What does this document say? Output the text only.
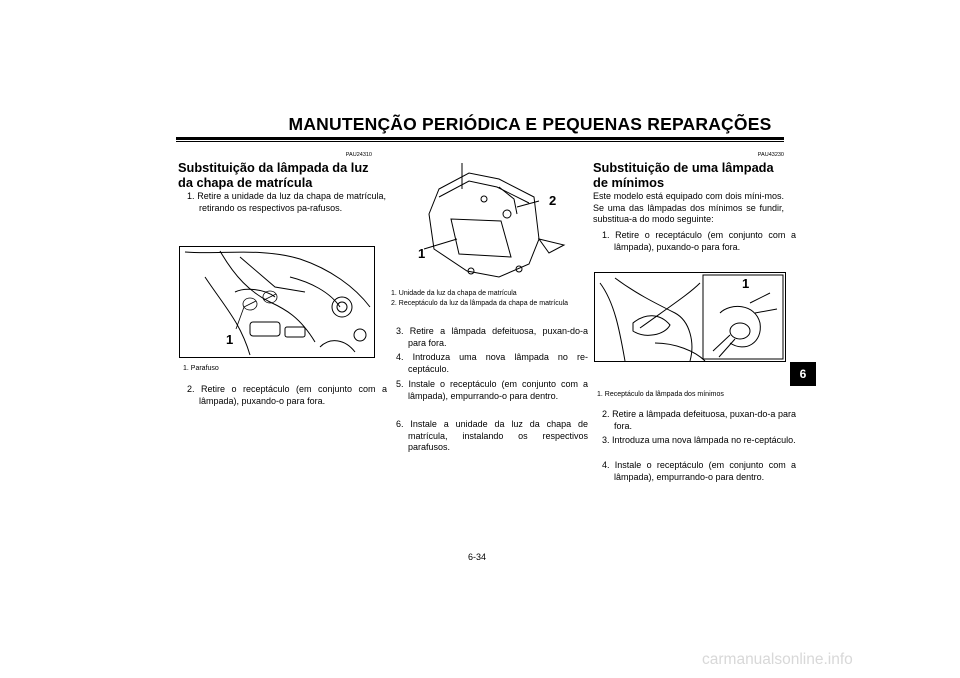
MANUTENÇÃO PERIÓDICA E PEQUENAS REPARAÇÕES
PAU24310
Substituição da lâmpada da luz da chapa de matrícula
1. Retire a unidade da luz da chapa de matrícula, retirando os respectivos pa-rafusos.
1
1. Parafuso
2. Retire o receptáculo (em conjunto com a lâmpada), puxando-o para fora.
2
1
1. Unidade da luz da chapa de matrícula
2. Receptáculo da luz da lâmpada da chapa de matrícula
3. Retire a lâmpada defeituosa, puxan-do-a para fora.
4. Introduza uma nova lâmpada no re-ceptáculo.
5. Instale o receptáculo (em conjunto com a lâmpada), empurrando-o para dentro.
6. Instale a unidade da luz da chapa de matrícula, instalando os respectivos parafusos.
PAU43230
Substituição de uma lâmpada de mínimos
Este modelo está equipado com dois míni-mos. Se uma das lâmpadas dos mínimos se fundir, substitua-a do modo seguinte:
1. Retire o receptáculo (em conjunto com a lâmpada), puxando-o para fora.
1
1. Receptáculo da lâmpada dos mínimos
2. Retire a lâmpada defeituosa, puxan-do-a para fora.
3. Introduza uma nova lâmpada no re-ceptáculo.
4. Instale o receptáculo (em conjunto com a lâmpada), empurrando-o para dentro.
6
6-34
carmanualsonline.info
